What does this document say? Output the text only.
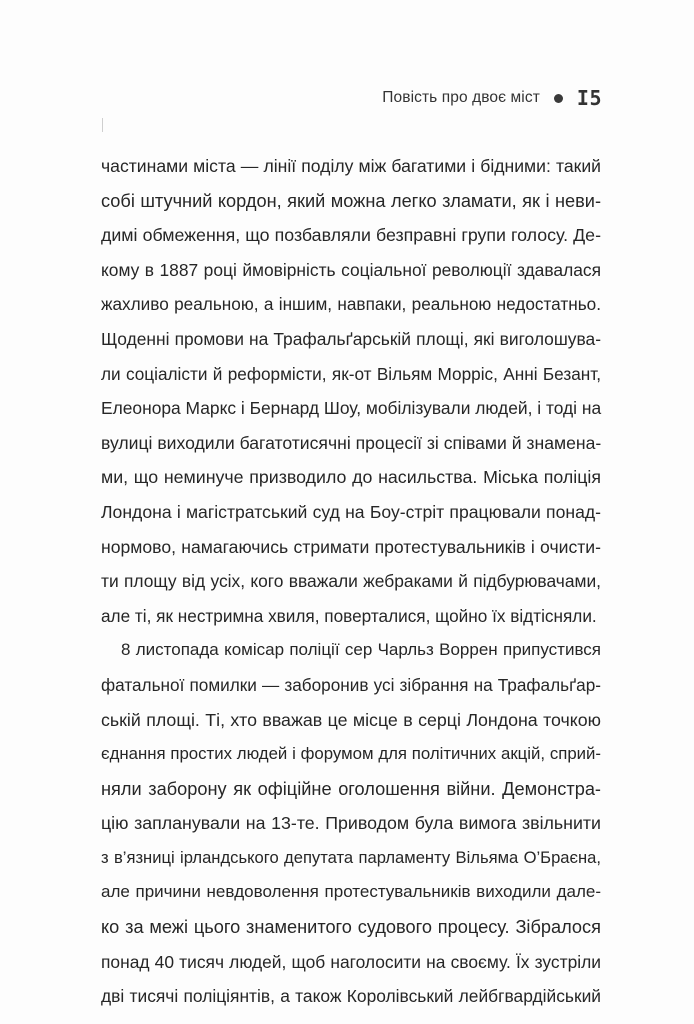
Повість про двоє міст I5
частинами міста — лінії поділу між багатими і бідними: такий
собі штучний кордон, який можна легко зламати, як і неви-
димі обмеження, що позбавляли безправні групи голосу. Де-
кому в 1887 році ймовірність соціальної революції здавалася
жахливо реальною, а іншим, навпаки, реальною недостатньо.
Щоденні промови на Трафальґарській площі, які виголошува-
ли соціалісти й реформісти, як-от Вільям Морріс, Анні Безант,
Елеонора Маркс і Бернард Шоу, мобілізували людей, і тоді на
вулиці виходили багатотисячні процесії зі співами й знамена-
ми, що неминуче призводило до насильства. Міська поліція
Лондона і магістратський суд на Боу-стріт працювали понад-
нормово, намагаючись стримати протестувальників і очисти-
ти площу від усіх, кого вважали жебраками й підбурювачами,
але ті, як нестримна хвиля, поверталися, щойно їх відтісняли.
8 листопада комісар поліції сер Чарльз Воррен припустився
фатальної помилки — заборонив усі зібрання на Трафальґар-
ській площі. Ті, хто вважав це місце в серці Лондона точкою
єднання простих людей і форумом для політичних акцій, сприй-
няли заборону як офіційне оголошення війни. Демонстра-
цію запланували на 13-те. Приводом була вимога звільнити
з в’язниці ірландського депутата парламенту Вільяма О’Браєна,
але причини невдоволення протестувальників виходили дале-
ко за межі цього знаменитого судового процесу. Зібралося
понад 40 тисяч людей, щоб наголосити на своєму. Їх зустріли
дві тисячі поліціянтів, а також Королівський лейбгвардійський
